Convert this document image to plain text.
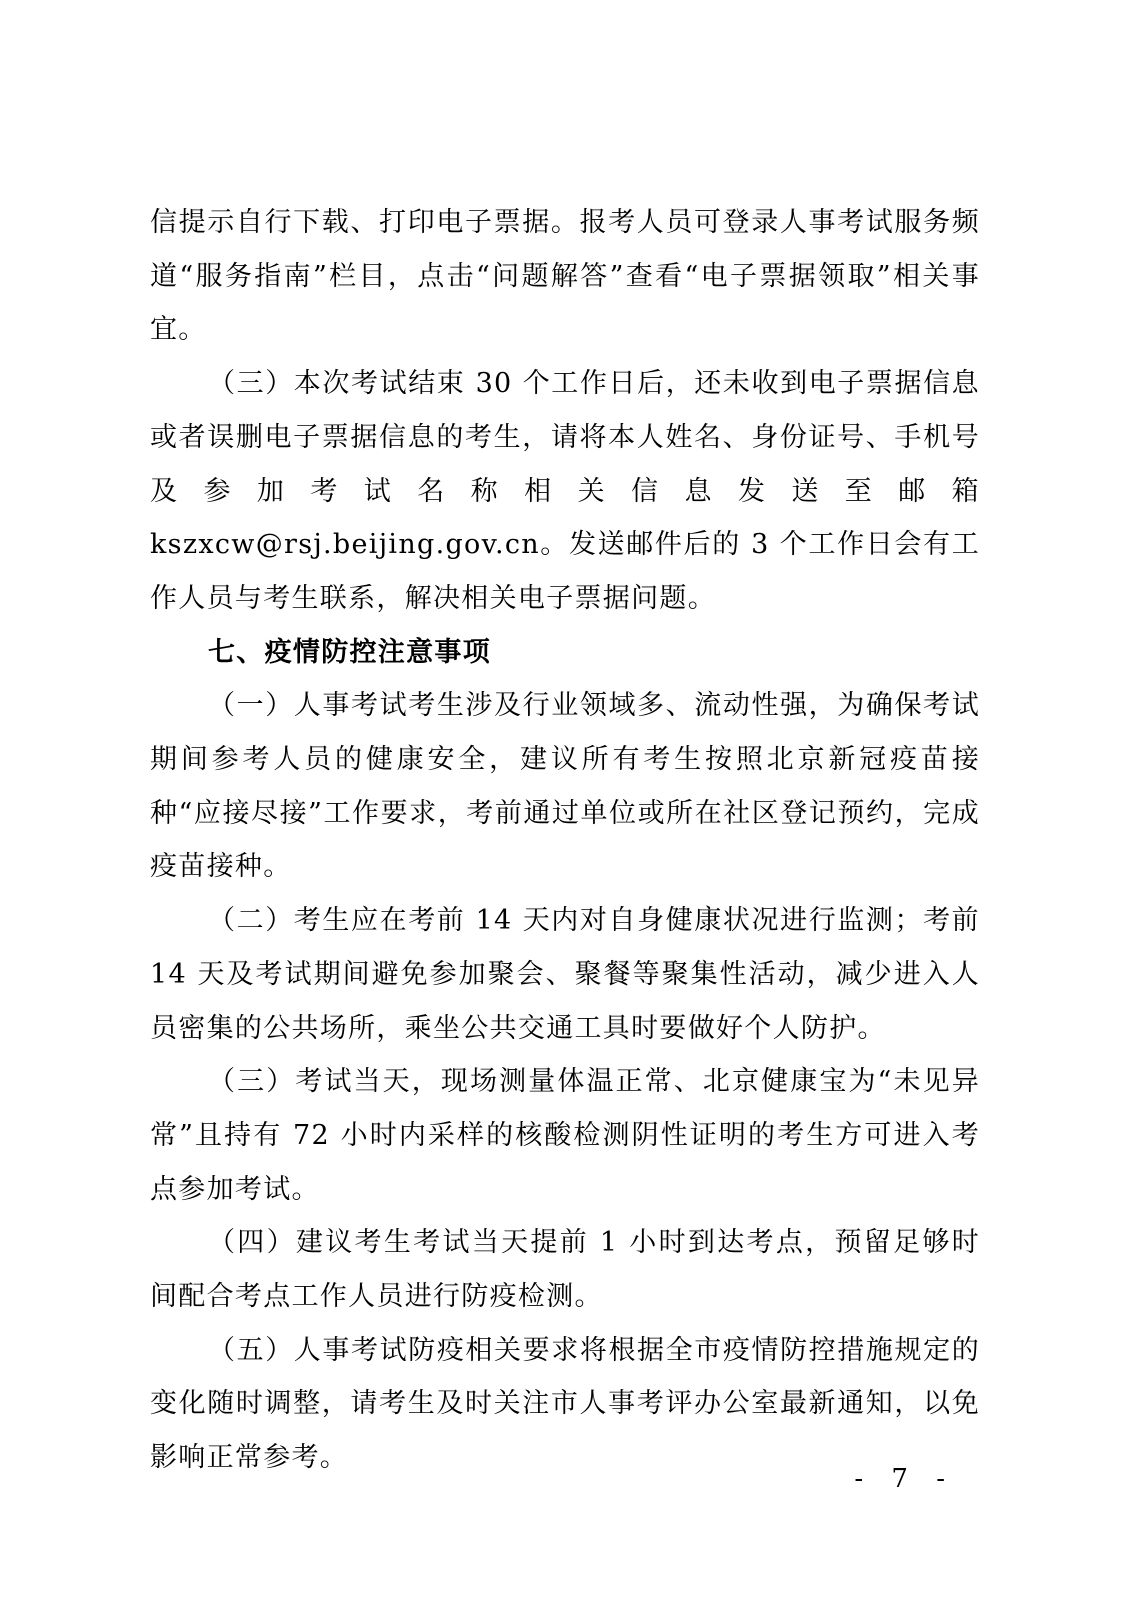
信提示自行下载、打印电子票据。报考人员可登录人事考试服务频道“服务指南”栏目，点击“问题解答”查看“电子票据领取”相关事宜。

（三）本次考试结束 30 个工作日后，还未收到电子票据信息或者误删电子票据信息的考生，请将本人姓名、身份证号、手机号及参加考试名称相关信息发送至邮箱 kszxcw@rsj.beijing.gov.cn。发送邮件后的 3 个工作日会有工作人员与考生联系，解决相关电子票据问题。

七、疫情防控注意事项

（一）人事考试考生涉及行业领域多、流动性强，为确保考试期间参考人员的健康安全，建议所有考生按照北京新冠疫苗接种“应接尽接”工作要求，考前通过单位或所在社区登记预约，完成疫苗接种。

（二）考生应在考前 14 天内对自身健康状况进行监测；考前 14 天及考试期间避免参加聚会、聚餐等聚集性活动，减少进入人员密集的公共场所，乘坐公共交通工具时要做好个人防护。

（三）考试当天，现场测量体温正常、北京健康宝为“未见异常”且持有 72 小时内采样的核酸检测阴性证明的考生方可进入考点参加考试。

（四）建议考生考试当天提前 1 小时到达考点，预留足够时间配合考点工作人员进行防疫检测。

（五）人事考试防疫相关要求将根据全市疫情防控措施规定的变化随时调整，请考生及时关注市人事考评办公室最新通知，以免影响正常参考。

- 7 -
